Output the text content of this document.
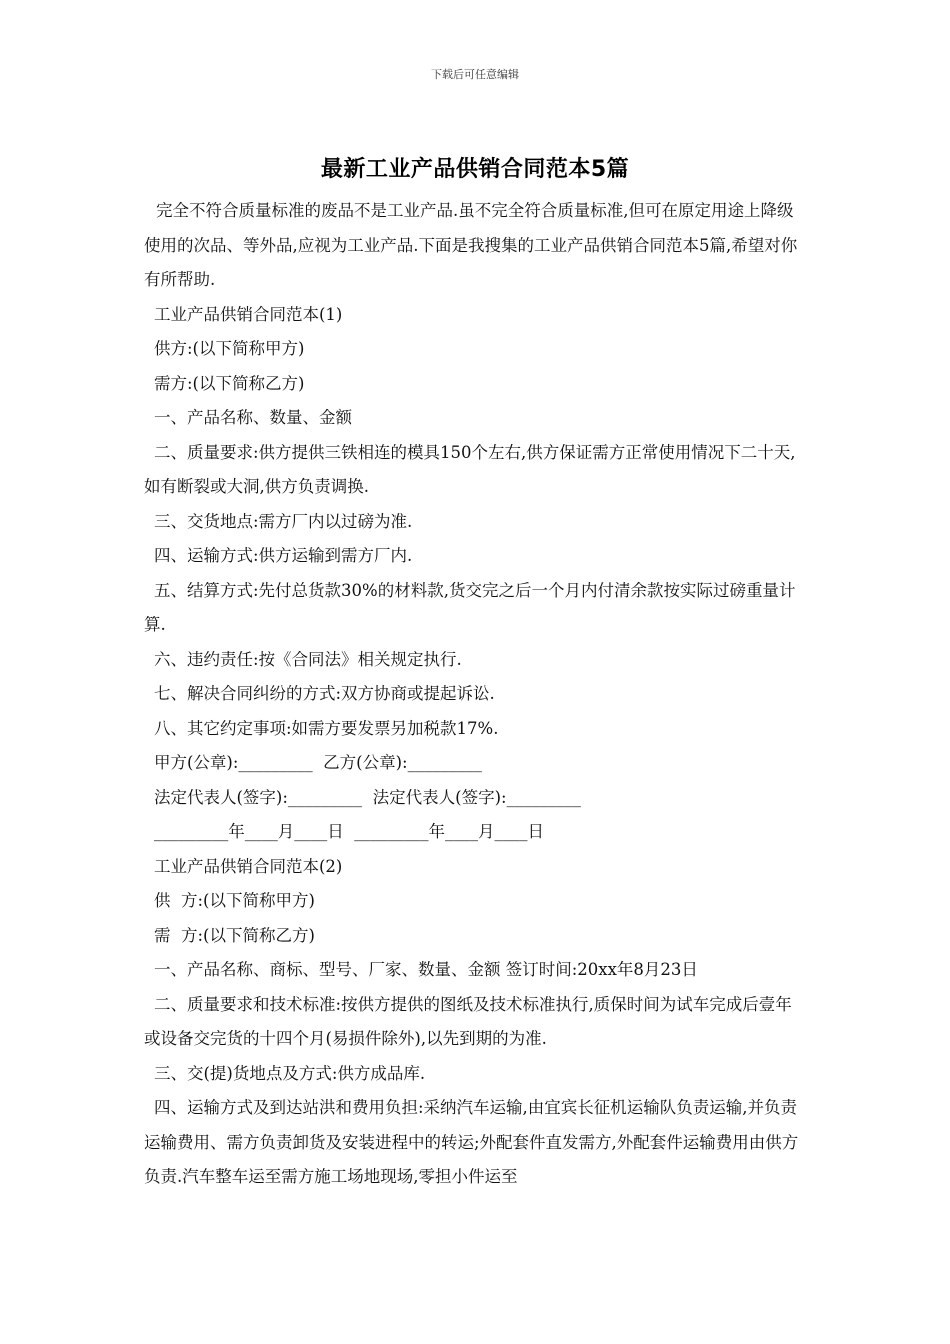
下载后可任意编辑
最新工业产品供销合同范本5篇

完全不符合质量标准的废品不是工业产品.虽不完全符合质量标准,但可在原定用途上降级使用的次品、等外品,应视为工业产品.下面是我搜集的工业产品供销合同范本5篇,希望对你有所帮助.

工业产品供销合同范本(1)

供方:(以下简称甲方)

需方:(以下简称乙方)

一、产品名称、数量、金额

二、质量要求:供方提供三铁相连的模具150个左右,供方保证需方正常使用情况下二十天,如有断裂或大洞,供方负责调换.

三、交货地点:需方厂内以过磅为准.

四、运输方式:供方运输到需方厂内.

五、结算方式:先付总货款30%的材料款,货交完之后一个月内付清余款按实际过磅重量计算.

六、违约责任:按《合同法》相关规定执行.

七、解决合同纠纷的方式:双方协商或提起诉讼.

八、其它约定事项:如需方要发票另加税款17%.

甲方(公章):_________  乙方(公章):_________

法定代表人(签字):_________  法定代表人(签字):_________

_________年____月____日  _________年____月____日

工业产品供销合同范本(2)

供  方:(以下简称甲方)

需  方:(以下简称乙方)

一、产品名称、商标、型号、厂家、数量、金额 签订时间:20xx年8月23日

二、质量要求和技术标准:按供方提供的图纸及技术标准执行,质保时间为试车完成后壹年或设备交完货的十四个月(易损件除外),以先到期的为准.

三、交(提)货地点及方式:供方成品库.

四、运输方式及到达站洪和费用负担:采纳汽车运输,由宜宾长征机运输队负责运输,并负责运输费用、需方负责卸货及安装进程中的转运;外配套件直发需方,外配套件运输费用由供方负责.汽车整车运至需方施工场地现场,零担小件运至
